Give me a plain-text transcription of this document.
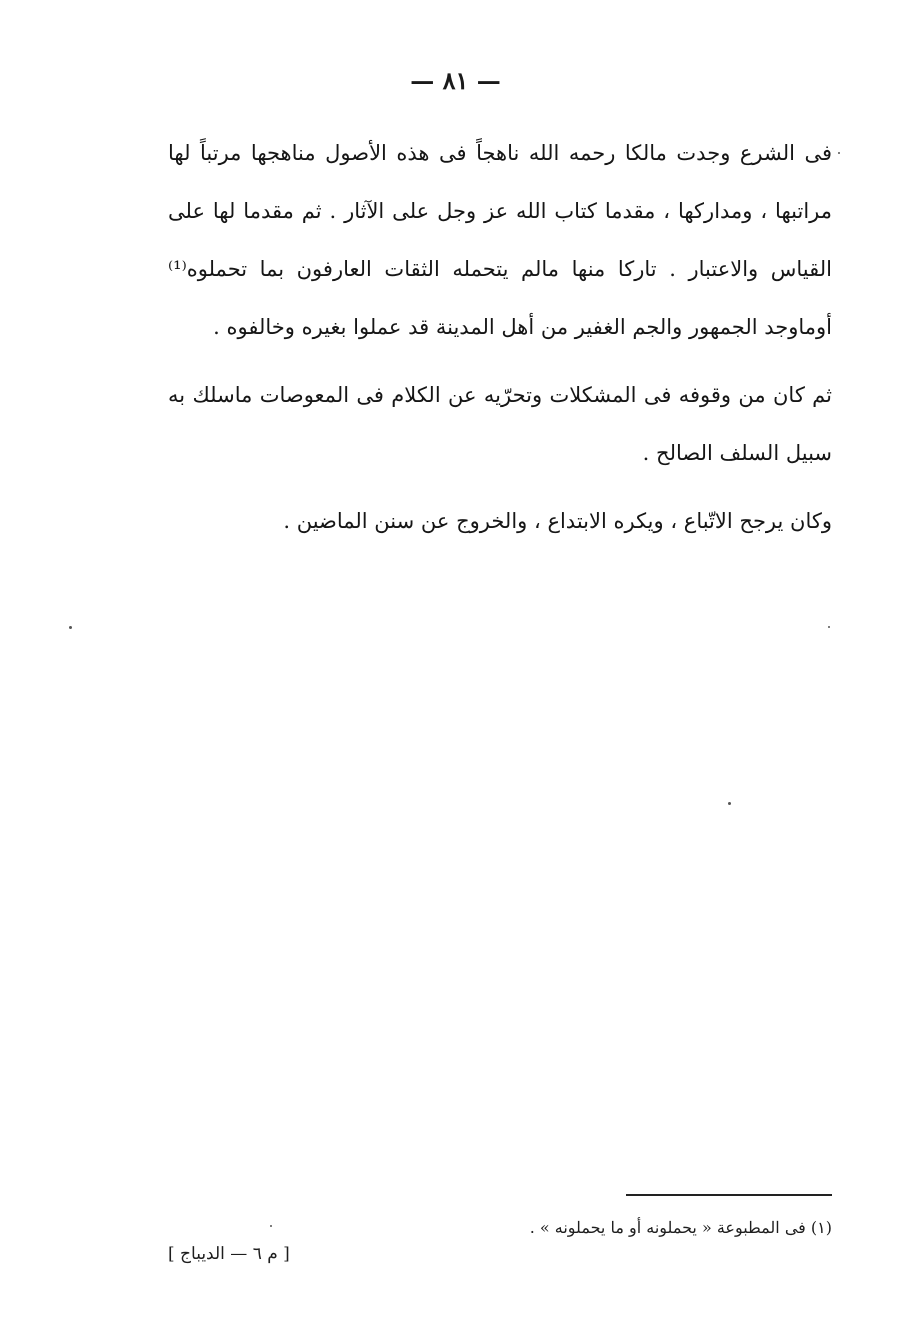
— ٨١ —

فى الشرع وجدت مالكا رحمه الله ناهجاً فى هذه الأصول مناهجها مرتباً لها مراتبها ، ومداركها ، مقدما كتاب الله عز وجل على الآثار . ثم مقدما لها على القياس والاعتبار . تاركا منها مالم يتحمله الثقات العارفون بما تحملوه⁽¹⁾ أوماوجد الجمهور والجم الغفير من أهل المدينة قد عملوا بغيره وخالفوه .

ثم كان من وقوفه فى المشكلات وتحرّيه عن الكلام فى المعوصات ماسلك به سبيل السلف الصالح .

وكان يرجح الاتّباع ، ويكره الابتداع ، والخروج عن سنن الماضين .

(١) فى المطبوعة « يحملونه أو ما يحملونه » .
[ م ٦ — الديباج ]
